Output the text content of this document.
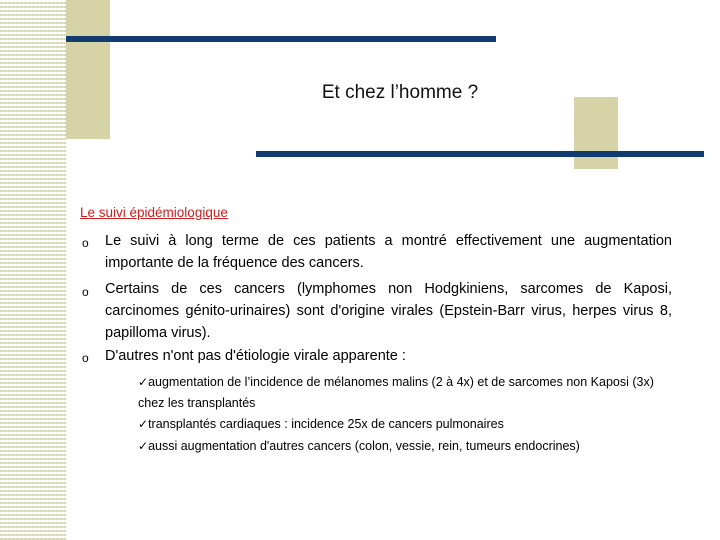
Et chez l’homme ?
Le suivi épidémiologique
o Le suivi à long terme de ces patients a montré effectivement une augmentation importante de la fréquence des cancers.
o Certains de ces cancers (lymphomes non Hodgkiniens, sarcomes de Kaposi, carcinomes génito-urinaires) sont d'origine virales (Epstein-Barr virus, herpes virus 8, papilloma virus).
o D'autres n'ont pas d'étiologie virale apparente :
✓augmentation de l’incidence de mélanomes malins (2 à 4x) et de sarcomes non Kaposi (3x) chez les transplantés
✓transplantés cardiaques : incidence 25x de cancers pulmonaires
✓aussi augmentation d'autres cancers (colon, vessie, rein, tumeurs endocrines)
